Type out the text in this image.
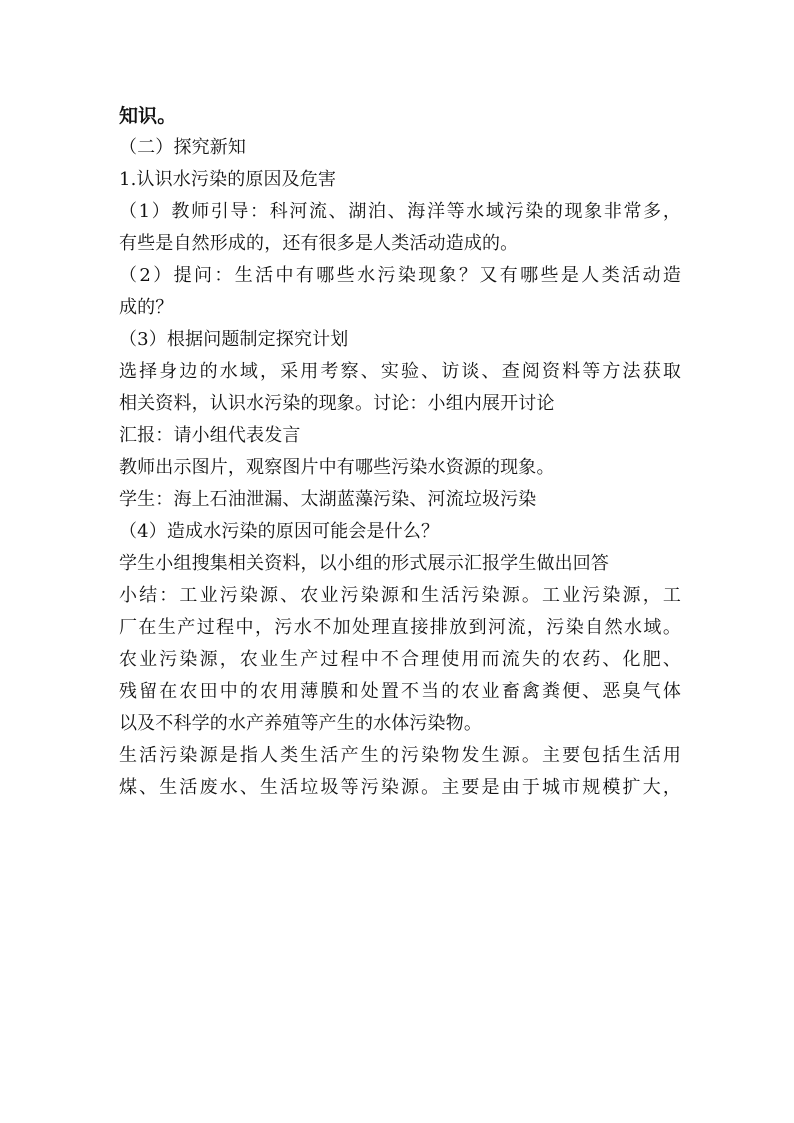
知识。
（二）探究新知
1.认识水污染的原因及危害
（1）教师引导：科河流、湖泊、海洋等水域污染的现象非常多，
有些是自然形成的，还有很多是人类活动造成的。
（2）提问：生活中有哪些水污染现象？又有哪些是人类活动造
成的？
（3）根据问题制定探究计划
选择身边的水域，采用考察、实验、访谈、查阅资料等方法获取
相关资料，认识水污染的现象。讨论：小组内展开讨论
汇报：请小组代表发言
教师出示图片，观察图片中有哪些污染水资源的现象。
学生：海上石油泄漏、太湖蓝藻污染、河流垃圾污染
（4）造成水污染的原因可能会是什么？
学生小组搜集相关资料，以小组的形式展示汇报学生做出回答
小结：工业污染源、农业污染源和生活污染源。工业污染源，工
厂在生产过程中，污水不加处理直接排放到河流，污染自然水域。
农业污染源，农业生产过程中不合理使用而流失的农药、化肥、
残留在农田中的农用薄膜和处置不当的农业畜禽粪便、恶臭气体
以及不科学的水产养殖等产生的水体污染物。
生活污染源是指人类生活产生的污染物发生源。主要包括生活用
煤、生活废水、生活垃圾等污染源。主要是由于城市规模扩大，
